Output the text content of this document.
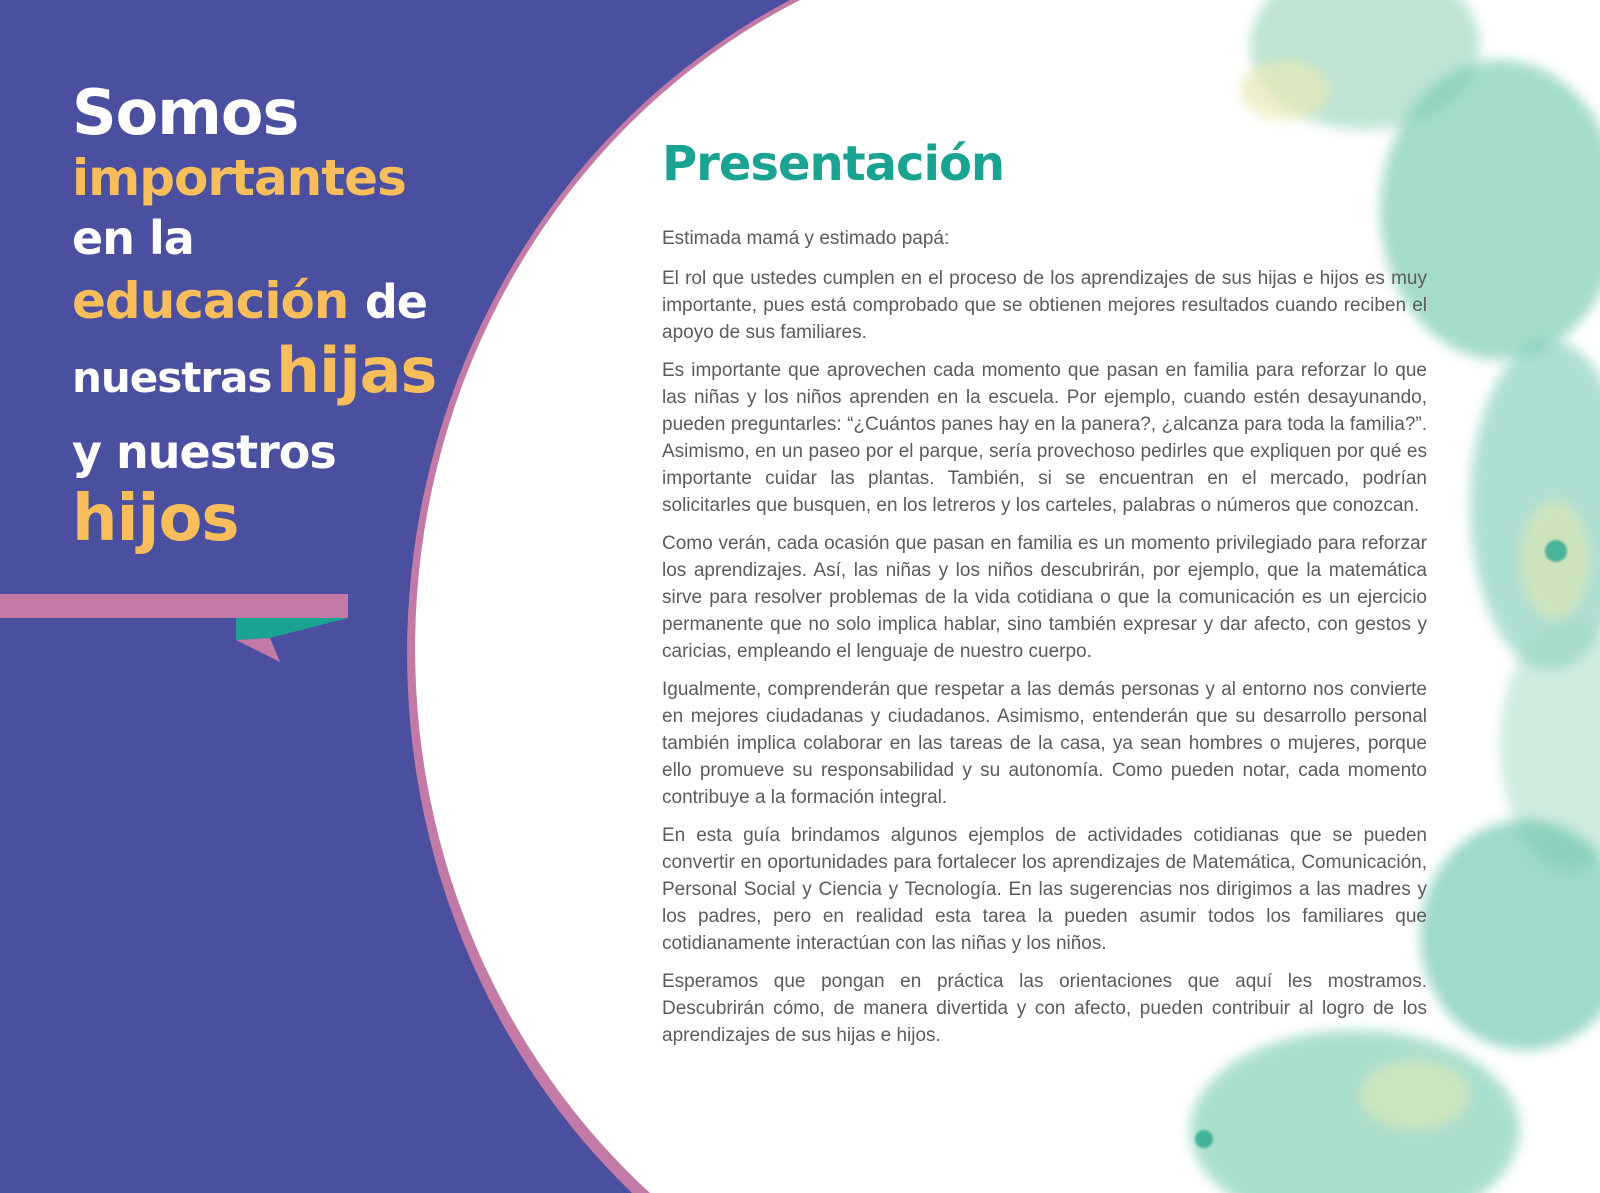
Somos
importantes
en la
educación de
nuestras hijas
y nuestros
hijos
Presentación

Estimada mamá y estimado papá:

El rol que ustedes cumplen en el proceso de los aprendizajes de sus hijas e hijos es muy importante, pues está comprobado que se obtienen mejores resultados cuando reciben el apoyo de sus familiares.

Es importante que aprovechen cada momento que pasan en familia para reforzar lo que las niñas y los niños aprenden en la escuela. Por ejemplo, cuando estén desayunando, pueden preguntarles: “¿Cuántos panes hay en la panera?, ¿alcanza para toda la familia?”. Asimismo, en un paseo por el parque, sería provechoso pedirles que expliquen por qué es importante cuidar las plantas. También, si se encuentran en el mercado, podrían solicitarles que busquen, en los letreros y los carteles, palabras o números que conozcan.

Como verán, cada ocasión que pasan en familia es un momento privilegiado para reforzar los aprendizajes. Así, las niñas y los niños descubrirán, por ejemplo, que la matemática sirve para resolver problemas de la vida cotidiana o que la comunicación es un ejercicio permanente que no solo implica hablar, sino también expresar y dar afecto, con gestos y caricias, empleando el lenguaje de nuestro cuerpo.

Igualmente, comprenderán que respetar a las demás personas y al entorno nos convierte en mejores ciudadanas y ciudadanos. Asimismo, entenderán que su desarrollo personal también implica colaborar en las tareas de la casa, ya sean hombres o mujeres, porque ello promueve su responsabilidad y su autonomía. Como pueden notar, cada momento contribuye a la formación integral.

En esta guía brindamos algunos ejemplos de actividades cotidianas que se pueden convertir en oportunidades para fortalecer los aprendizajes de Matemática, Comunicación, Personal Social y Ciencia y Tecnología. En las sugerencias nos dirigimos a las madres y los padres, pero en realidad esta tarea la pueden asumir todos los familiares que cotidianamente interactúan con las niñas y los niños.

Esperamos que pongan en práctica las orientaciones que aquí les mostramos. Descubrirán cómo, de manera divertida y con afecto, pueden contribuir al logro de los aprendizajes de sus hijas e hijos.
